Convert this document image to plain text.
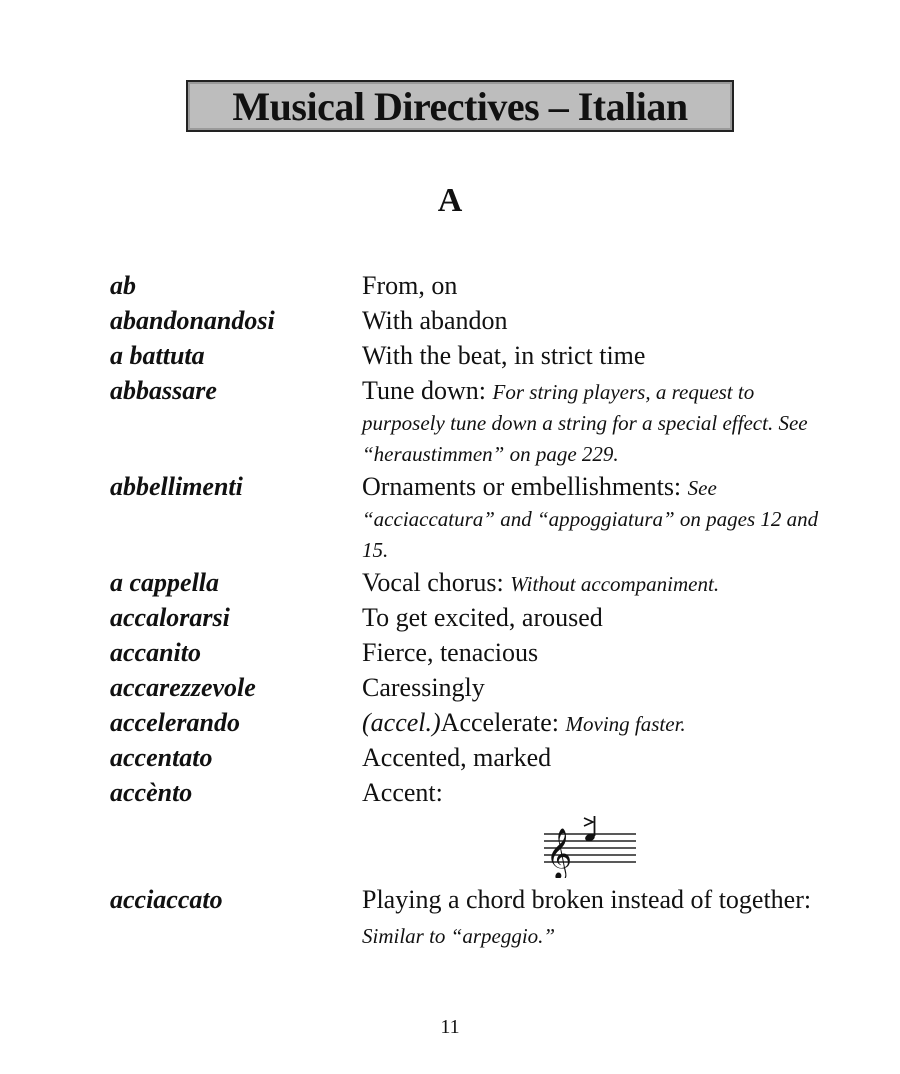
Musical Directives – Italian
A
ab	From, on
abandonandosi	With abandon
a battuta	With the beat, in strict time
abbassare	Tune down: For string players, a request to purposely tune down a string for a special effect. See “heraustimmen” on page 229.
abbellimenti	Ornaments or embellishments: See “acciaccatura” and “appoggiatura” on pages 12 and 15.
a cappella	Vocal chorus: Without accompaniment.
accalorarsi	To get excited, aroused
accanito	Fierce, tenacious
accarezzevole	Caressingly
accelerando	(accel.)Accelerate: Moving faster.
accentato	Accented, marked
accènto	Accent:
𝄞
acciaccato	Playing a chord broken instead of together: Similar to “arpeggio.”
11
